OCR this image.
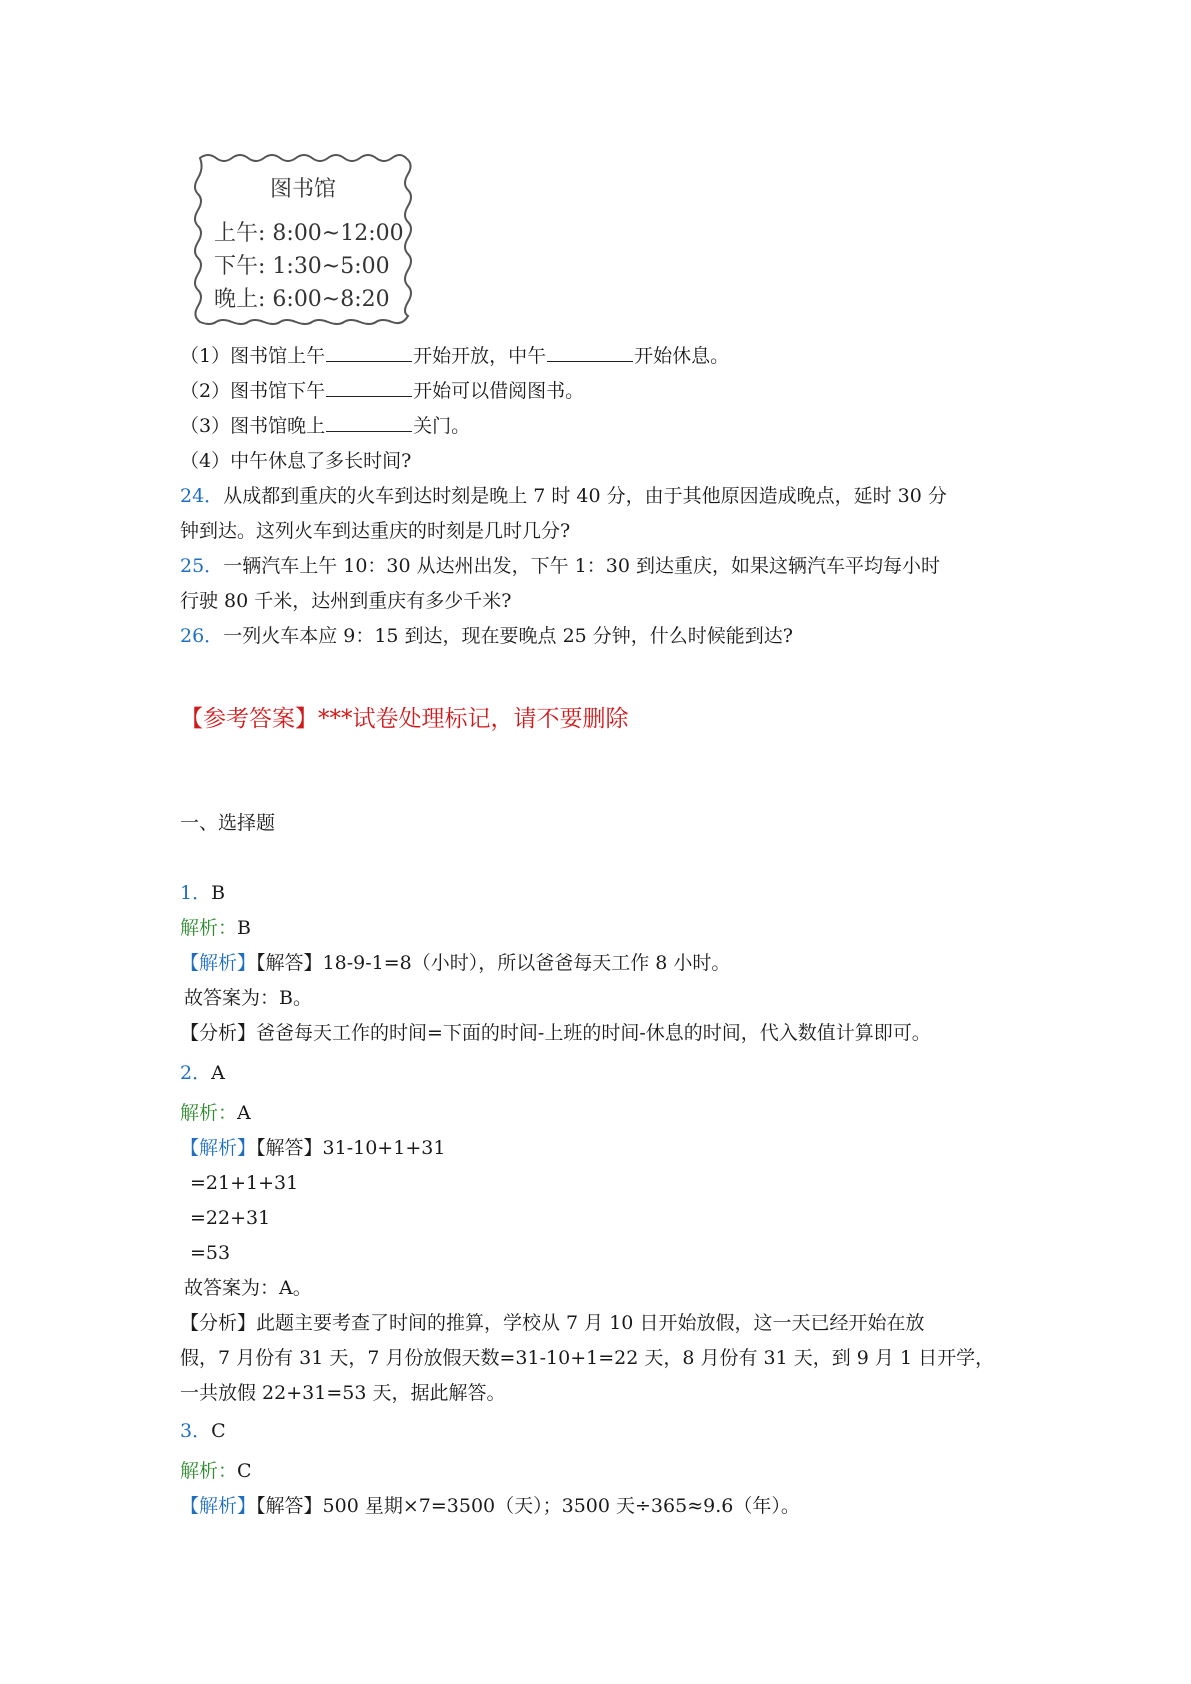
图书馆
上午: 8:00~12:00
下午: 1:30~5:00
晚上: 6:00~8:20
（1）图书馆上午	开始开放，中午	开始休息。
（2）图书馆下午	开始可以借阅图书。
（3）图书馆晚上	关门。
（4）中午休息了多长时间?
24．从成都到重庆的火车到达时刻是晚上 7 时 40 分，由于其他原因造成晚点，延时 30 分
钟到达。这列火车到达重庆的时刻是几时几分?
25．一辆汽车上午 10：30 从达州出发，下午 1：30 到达重庆，如果这辆汽车平均每小时
行驶 80 千米，达州到重庆有多少千米?
26．一列火车本应 9：15 到达，现在要晚点 25 分钟，什么时候能到达?
【参考答案】***试卷处理标记，请不要删除
一、选择题
1．B
解析：B
【解析】【解答】18-9-1=8（小时），所以爸爸每天工作 8 小时。
故答案为：B。
【分析】爸爸每天工作的时间=下面的时间-上班的时间-休息的时间，代入数值计算即可。
2．A
解析：A
【解析】【解答】31-10+1+31
=21+1+31
=22+31
=53
故答案为：A。
【分析】此题主要考查了时间的推算，学校从 7 月 10 日开始放假，这一天已经开始在放
假，7 月份有 31 天，7 月份放假天数=31-10+1=22 天，8 月份有 31 天，到 9 月 1 日开学，
一共放假 22+31=53 天，据此解答。
3．C
解析：C
【解析】【解答】500 星期×7=3500（天）；3500 天÷365≈9.6（年）。
